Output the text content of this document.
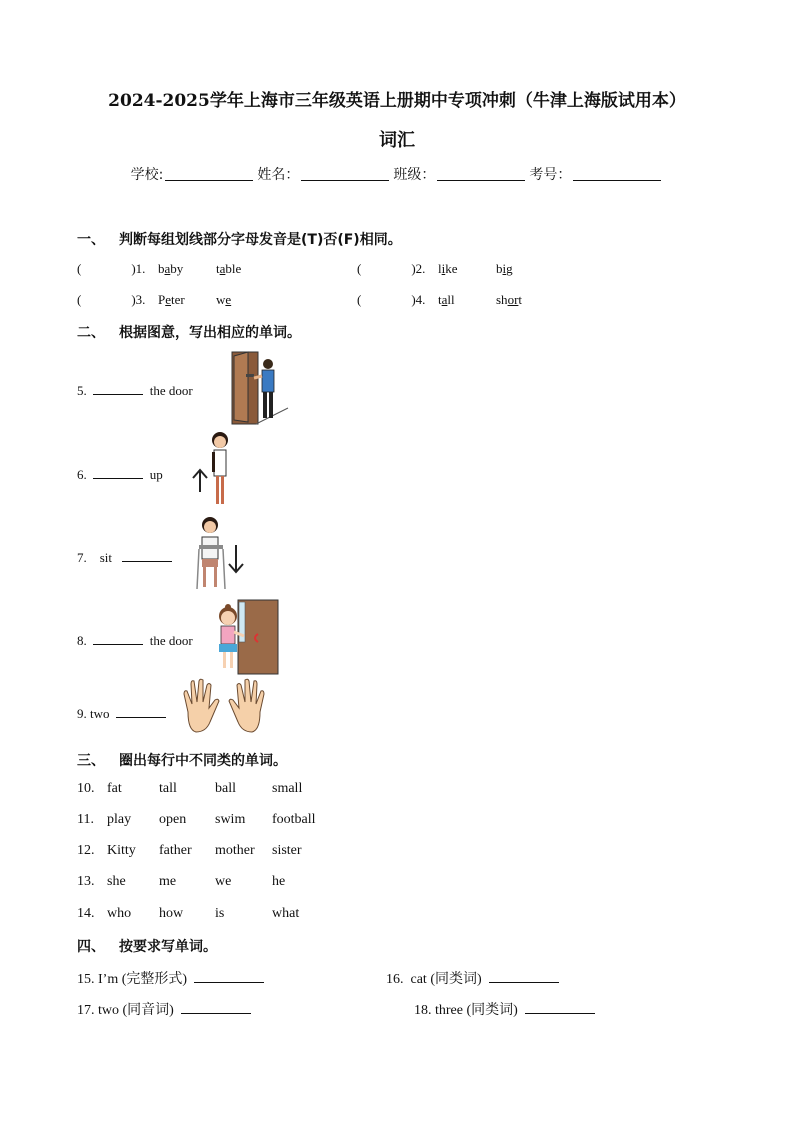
2024-2025学年上海市三年级英语上册期中专项冲刺（牛津上海版试用本）
词汇
学校:	姓名：	班级：	考号：
一、 判断每组划线部分字母发音是(T)否(F)相同。
(	)1. baby	table	(	)2. like	big
(	)3. Peter we	(	)4. tall	short
二、 根据图意，写出相应的单词。
5.	the door
6.	up
7. sit
8.	the door
9. two
三、 圈出每行中不同类的单词。
10. fat	tall	ball	small
11. play open swim football
12. Kitty father mother sister
13. she me	we	he
14. who how is	what
四、 按要求写单词。
15. I’m (完整形式)	16. cat (同类词)
17. two (同音词)	18. three (同类词)
